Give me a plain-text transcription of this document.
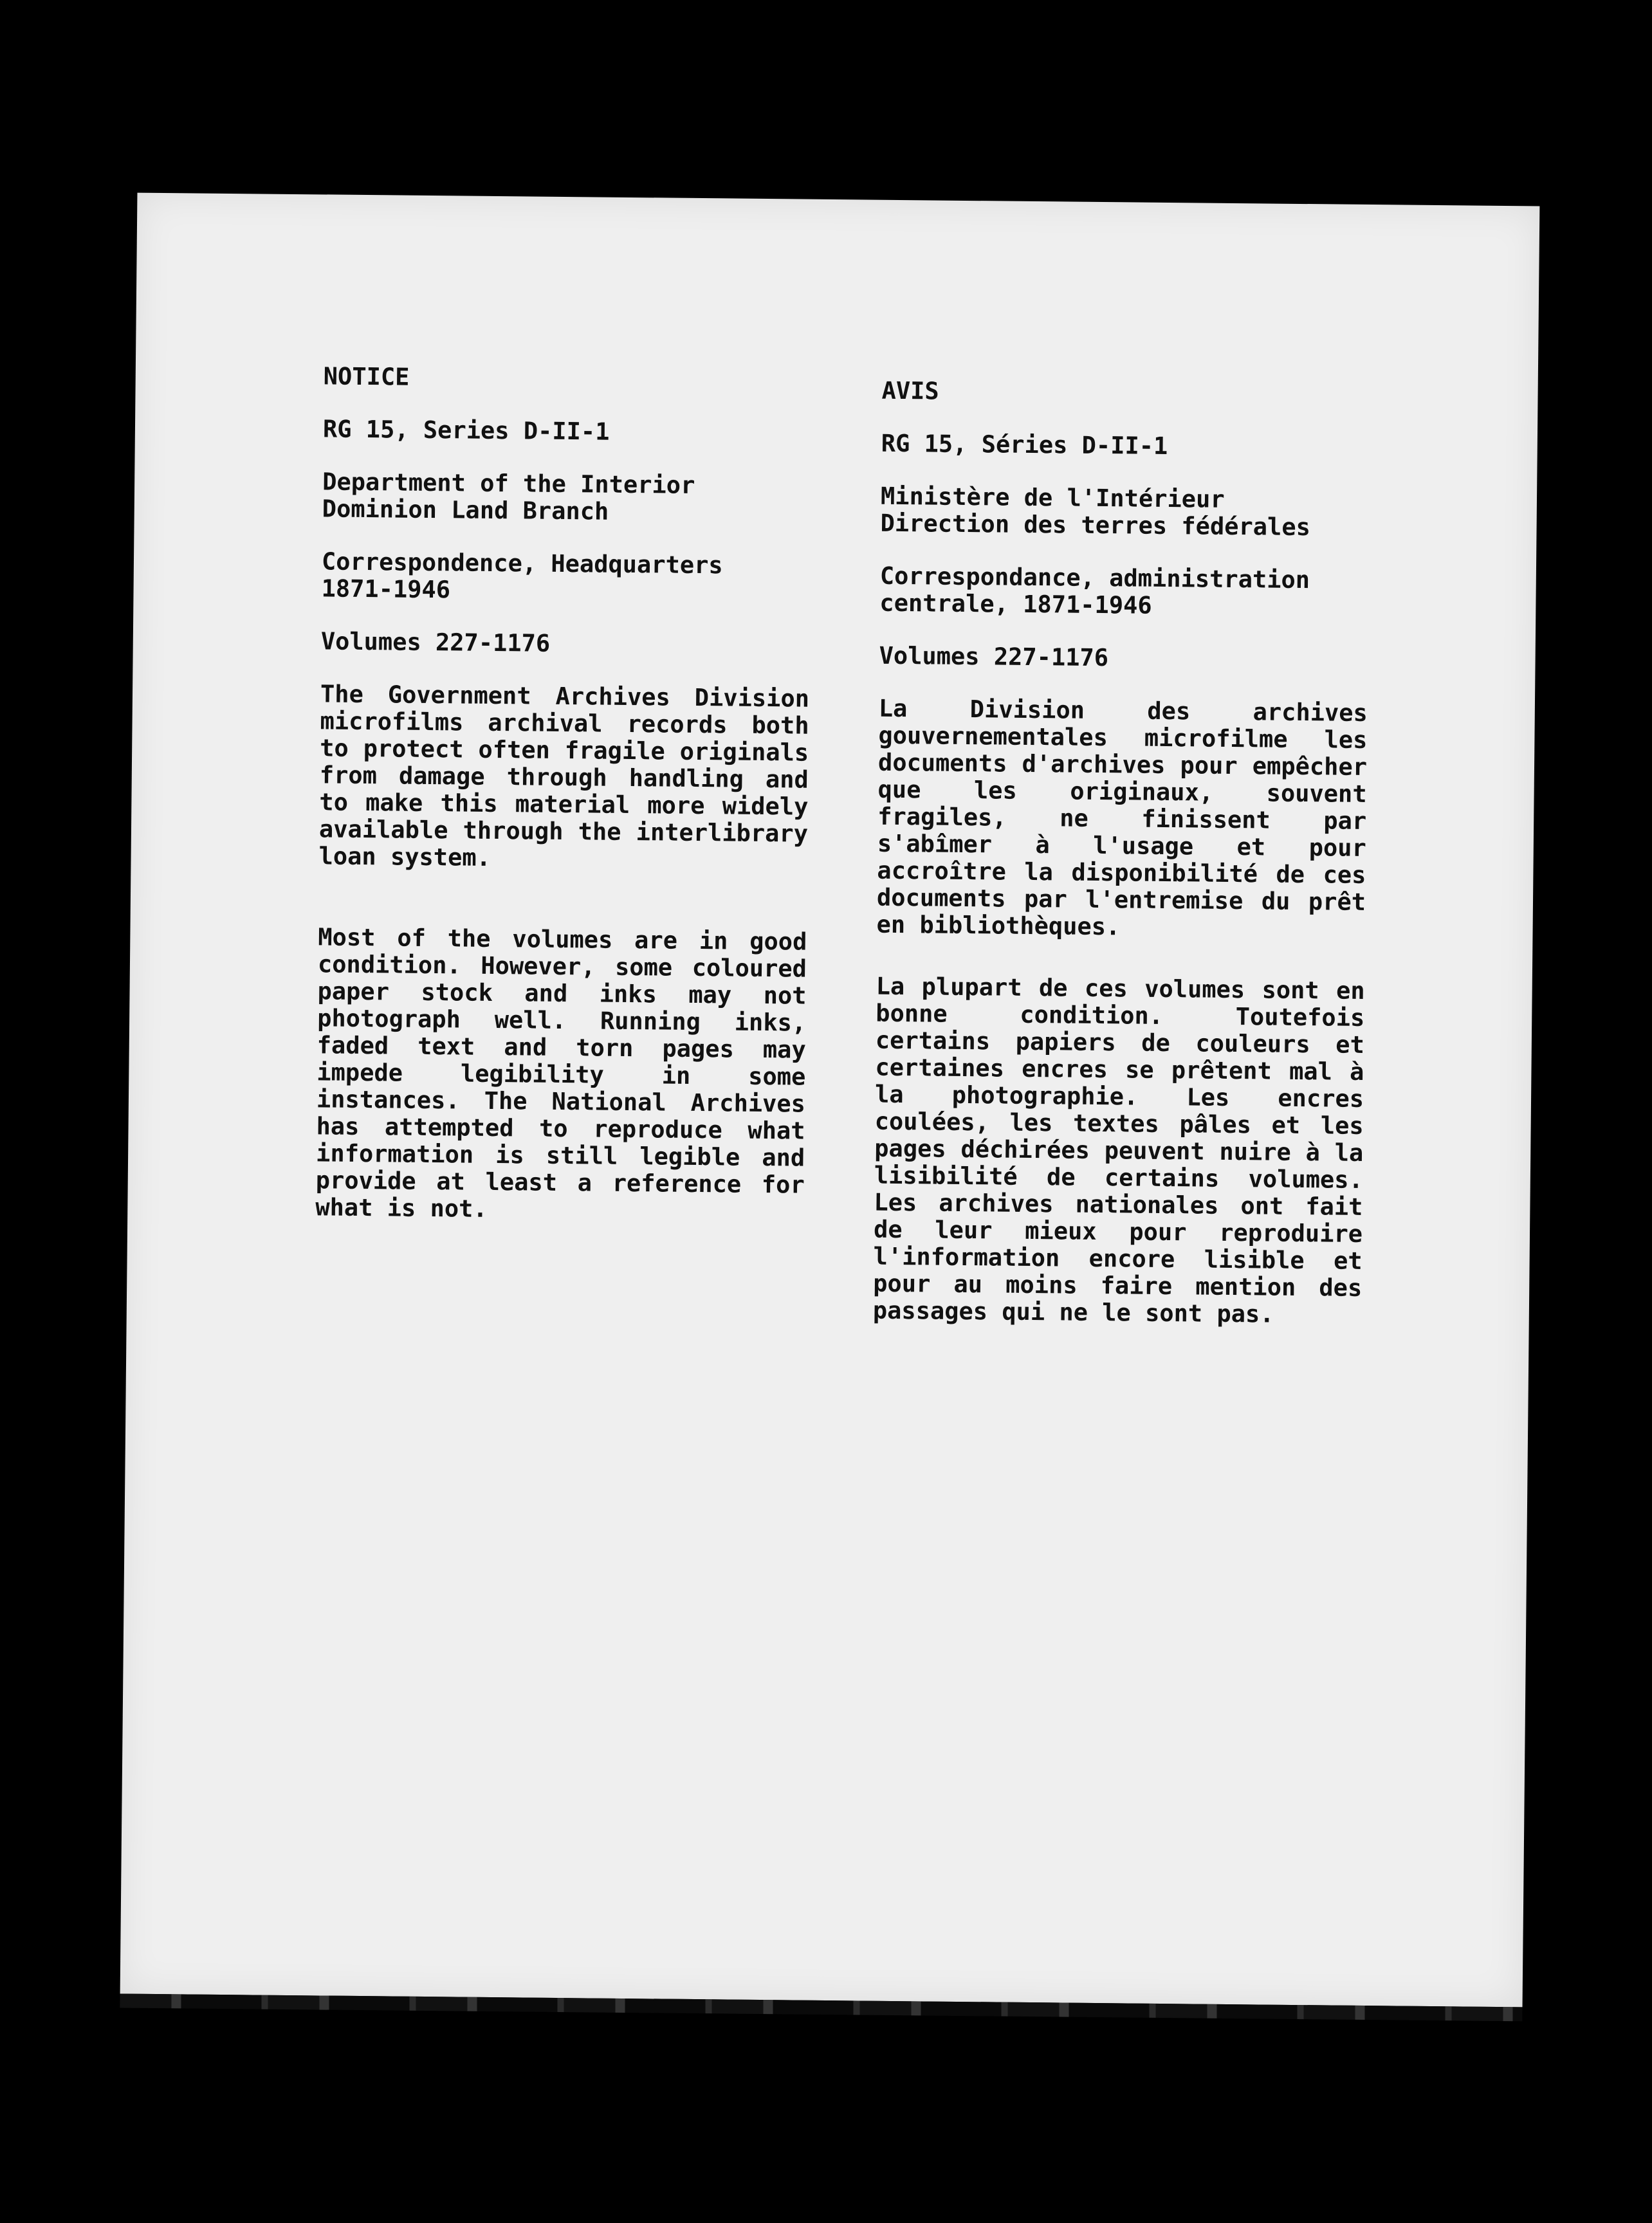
NOTICE
RG 15, Series D-II-1
Department of the Interior
Dominion Land Branch
Correspondence, Headquarters
1871-1946
Volumes 227-1176
The Government Archives Division microfilms archival records both to protect often fragile originals from damage through handling and to make this material more widely available through the interlibrary loan system.
Most of the volumes are in good condition. However, some coloured paper stock and inks may not photograph well. Running inks, faded text and torn pages may impede legibility in some instances. The National Archives has attempted to reproduce what information is still legible and provide at least a reference for what is not.
AVIS
RG 15, Séries D-II-1
Ministère de l'Intérieur
Direction des terres fédérales
Correspondance, administration
centrale, 1871-1946
Volumes 227-1176
La Division des archives gouvernementales microfilme les documents d'archives pour empêcher que les originaux, souvent fragiles, ne finissent par s'abîmer à l'usage et pour accroître la disponibilité de ces documents par l'entremise du prêt en bibliothèques.
La plupart de ces volumes sont en bonne condition. Toutefois certains papiers de couleurs et certaines encres se prêtent mal à la photographie. Les encres coulées, les textes pâles et les pages déchirées peuvent nuire à la lisibilité de certains volumes. Les archives nationales ont fait de leur mieux pour reproduire l'information encore lisible et pour au moins faire mention des passages qui ne le sont pas.
